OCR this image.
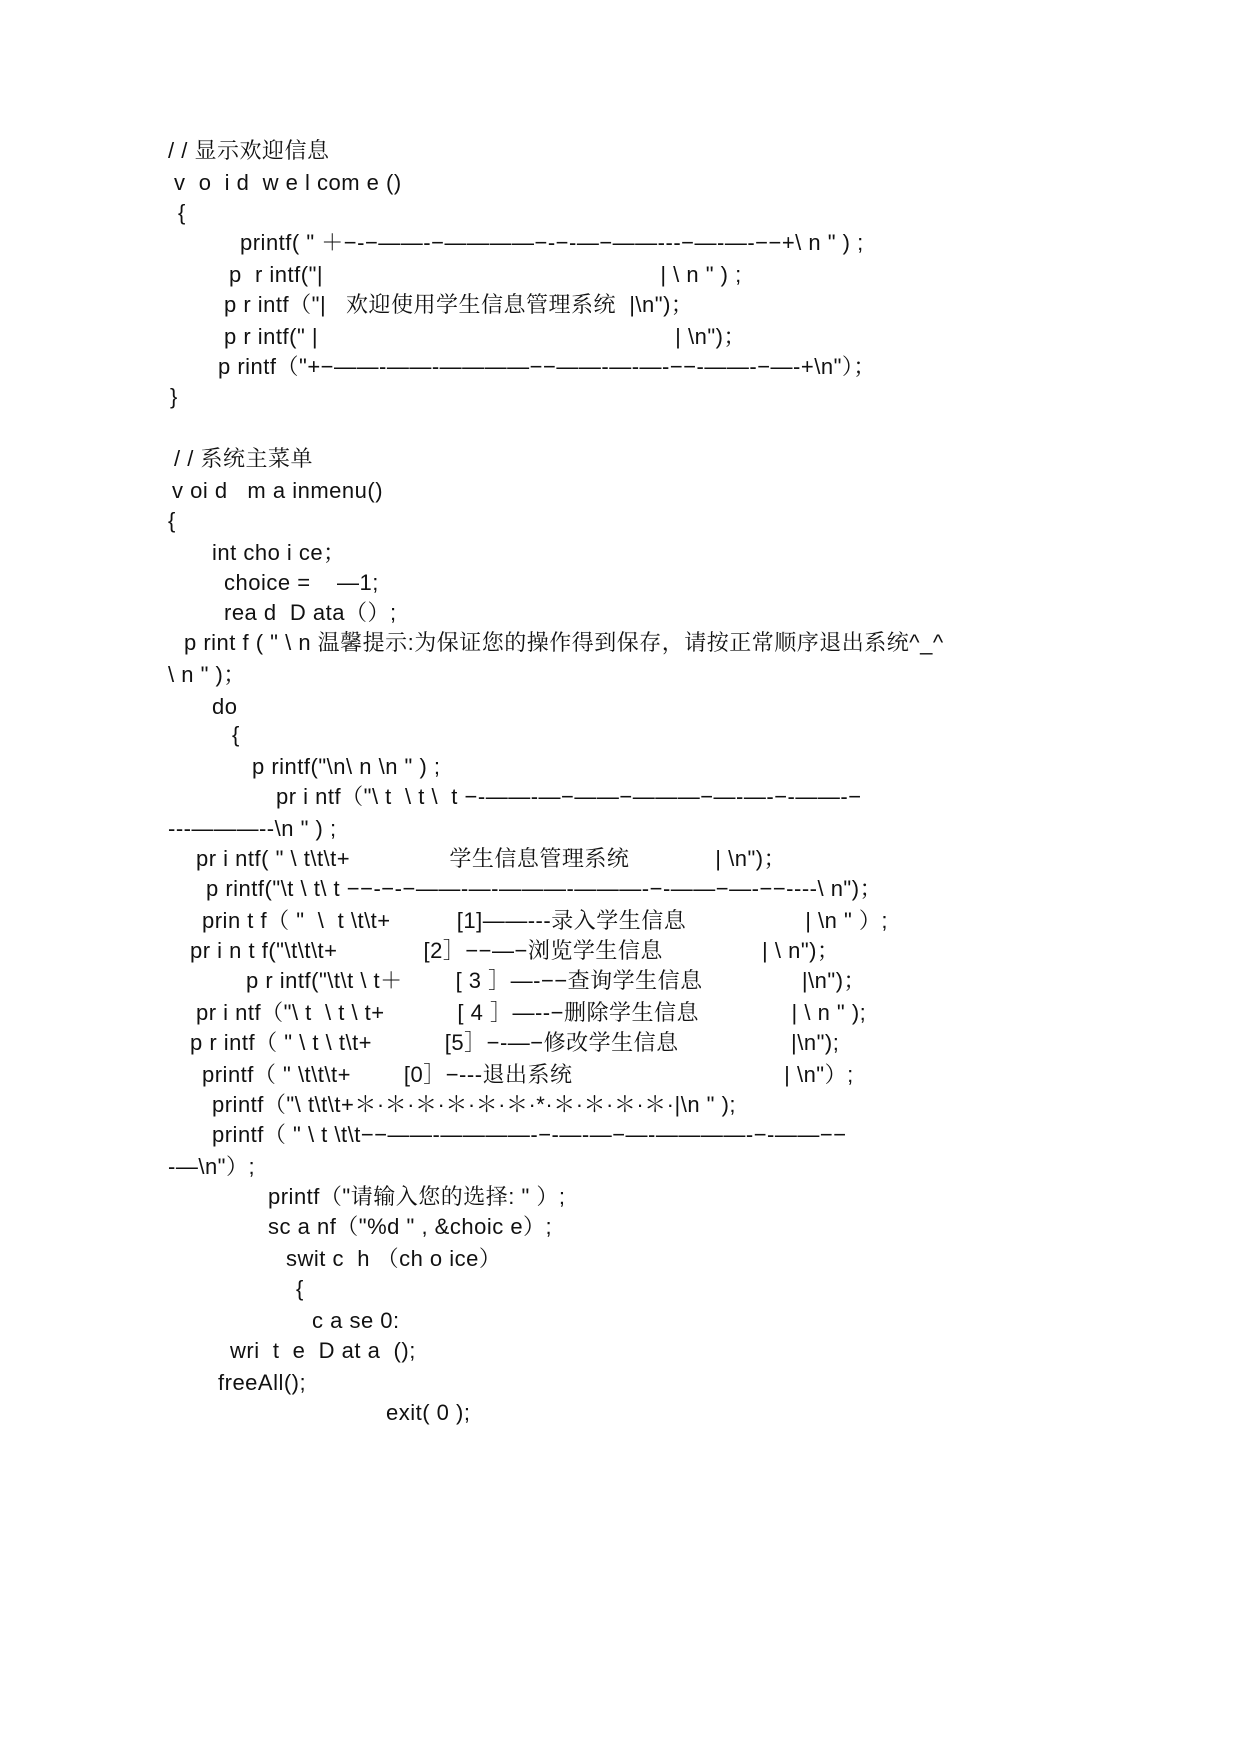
/ / 显示欢迎信息
v  o  i d  w e l com e ()
{
printf( " ＋−-−——-−————−-−-—−——---−—-—-−−+\ n " ) ;
p  r intf("|                                                   | \ n " ) ;
p r intf（"|   欢迎使用学生信息管理系统  |\n")；
p r intf(" |                                                      | \n")；
p rintf（"+−——-——-————−−——-—-—-−−-——-−—-+\n"）；
}
/ / 系统主菜单
v oi d   m a inmenu()
{
int cho i ce；
choice =    —1;
rea d  D ata（）;
p rint f ( " \ n 温馨提示:为保证您的操作得到保存，请按正常顺序退出系统^_^
\ n " )；
do
{
p rintf("\n\ n \n " ) ;
pr i ntf（"\ t  \ t \  t −-——-—−——−———−—-—-−-——-−
---———--\n " ) ;
pr i ntf( " \ t\t\t+               学生信息管理系统             | \n")；
p rintf("\t \ t\ t −−-−-−——-—-———-———-−-——−—-−−----\ n")；
prin t f（ "  \  t \t\t+          [1]——---录入学生信息                  | \n " ）;
pr i n t f("\t\t\t+             [2］−−—−浏览学生信息               | \ n")；
p r intf("\t\t \ t＋        [ 3 ］—-−−查询学生信息               |\n")；
pr i ntf（"\ t  \ t \ t+           [ 4 ］—--−删除学生信息              | \ n " );
p r intf（ " \ t \ t\t+           [5］−-—−修改学生信息                 |\n");
printf（ " \t\t\t+        [0］−---退出系统                                | \n"）;
printf（"\ t\t\t+＊·＊·＊·＊·＊·＊·*·＊·＊·＊·＊·|\n " );
printf（ " \ t \t\t−−——-————-−-—-—−—-————-−-——−−
-—\n"）;
printf（"请输入您的选择: " ）;
sc a nf（"%d " , &choic e）;
swit c  h （ch o ice）
{
c a se 0:
wri  t  e  D at a  ();
freeAll();
exit( 0 );
